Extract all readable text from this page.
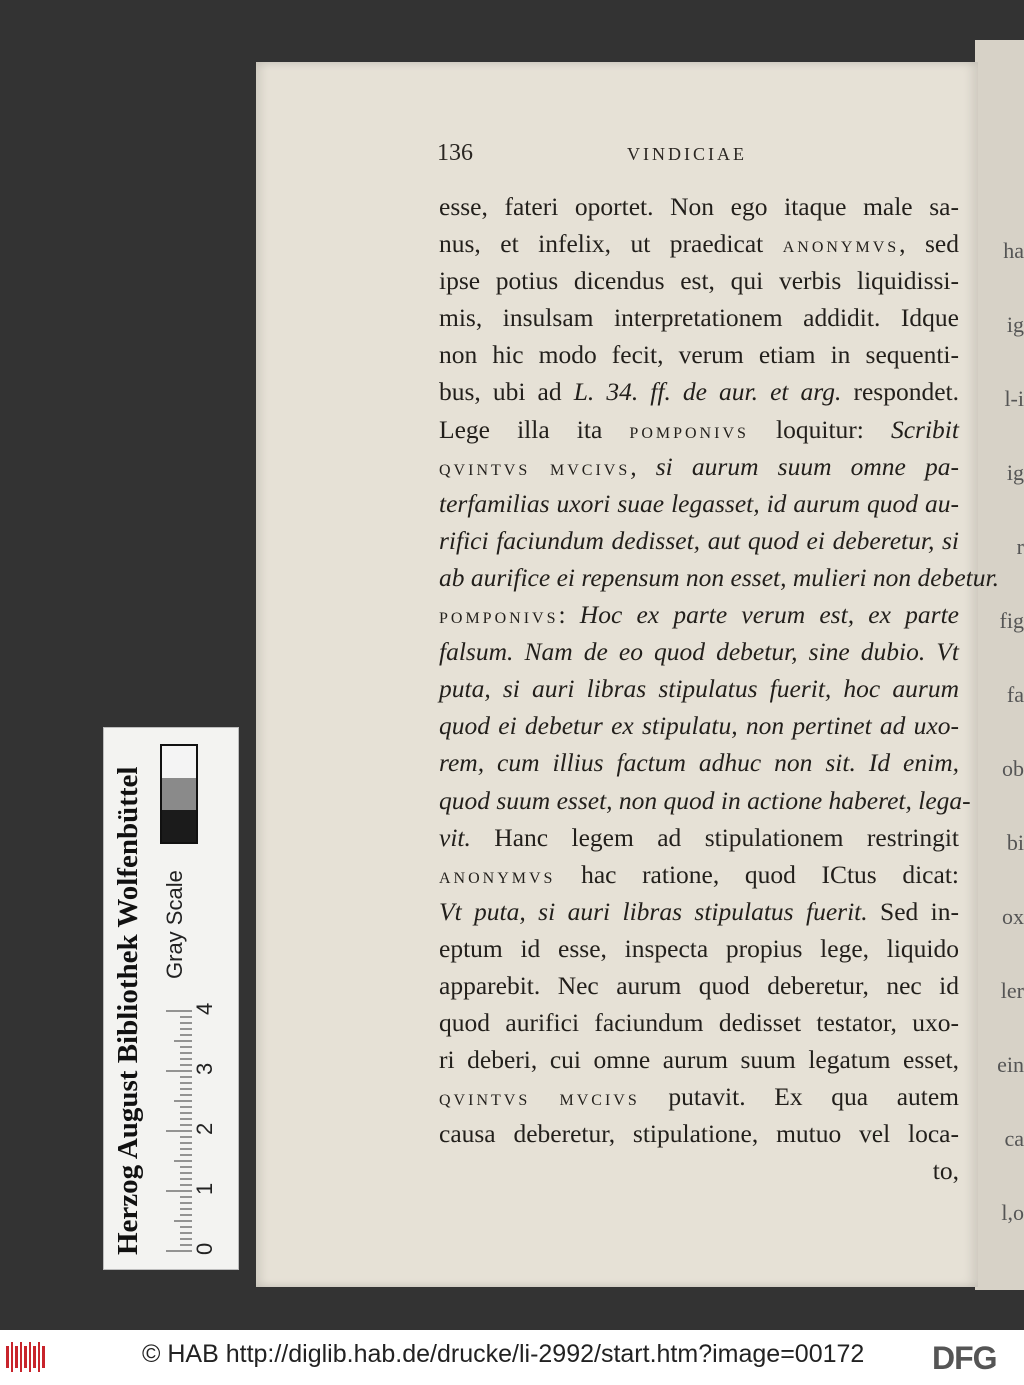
ha
ig
l-i
ig
r
fig
fa
ob
bi
ox
ler
ein
ca
l,o
136	VINDICIAE
esse, fateri oportet. Non ego itaque male sa-
nus, et infelix, ut praedicat ANONYMVS, sed
ipse potius dicendus est, qui verbis liquidissi-
mis, insulsam interpretationem addidit. Idque
non hic modo fecit, verum etiam in sequenti-
bus, ubi ad L. 34. ff. de aur. et arg. respondet.
Lege illa ita POMPONIVS loquitur: Scribit
QVINTVS MVCIVS, si aurum suum omne pa-
terfamilias uxori suae legasset, id aurum quod au-
rifici faciundum dedisset, aut quod ei deberetur, si
ab aurifice ei repensum non esset, mulieri non debetur.
POMPONIVS: Hoc ex parte verum est, ex parte
falsum. Nam de eo quod debetur, sine dubio. Vt
puta, si auri libras stipulatus fuerit, hoc aurum
quod ei debetur ex stipulatu, non pertinet ad uxo-
rem, cum illius factum adhuc non sit. Id enim,
quod suum esset, non quod in actione haberet, lega-
vit. Hanc legem ad stipulationem restringit
ANONYMVS hac ratione, quod ICtus dicat:
Vt puta, si auri libras stipulatus fuerit. Sed in-
eptum id esse, inspecta propius lege, liquido
apparebit. Nec aurum quod deberetur, nec id
quod aurifici faciundum dedisset testator, uxo-
ri deberi, cui omne aurum suum legatum esset,
QVINTVS MVCIVS putavit. Ex qua autem
causa deberetur, stipulatione, mutuo vel loca-
to,
Herzog August Bibliothek Wolfenbüttel 0
1
2
3
4
Gray Scale
© HAB http://diglib.hab.de/drucke/li-2992/start.htm?image=00172 DFG
